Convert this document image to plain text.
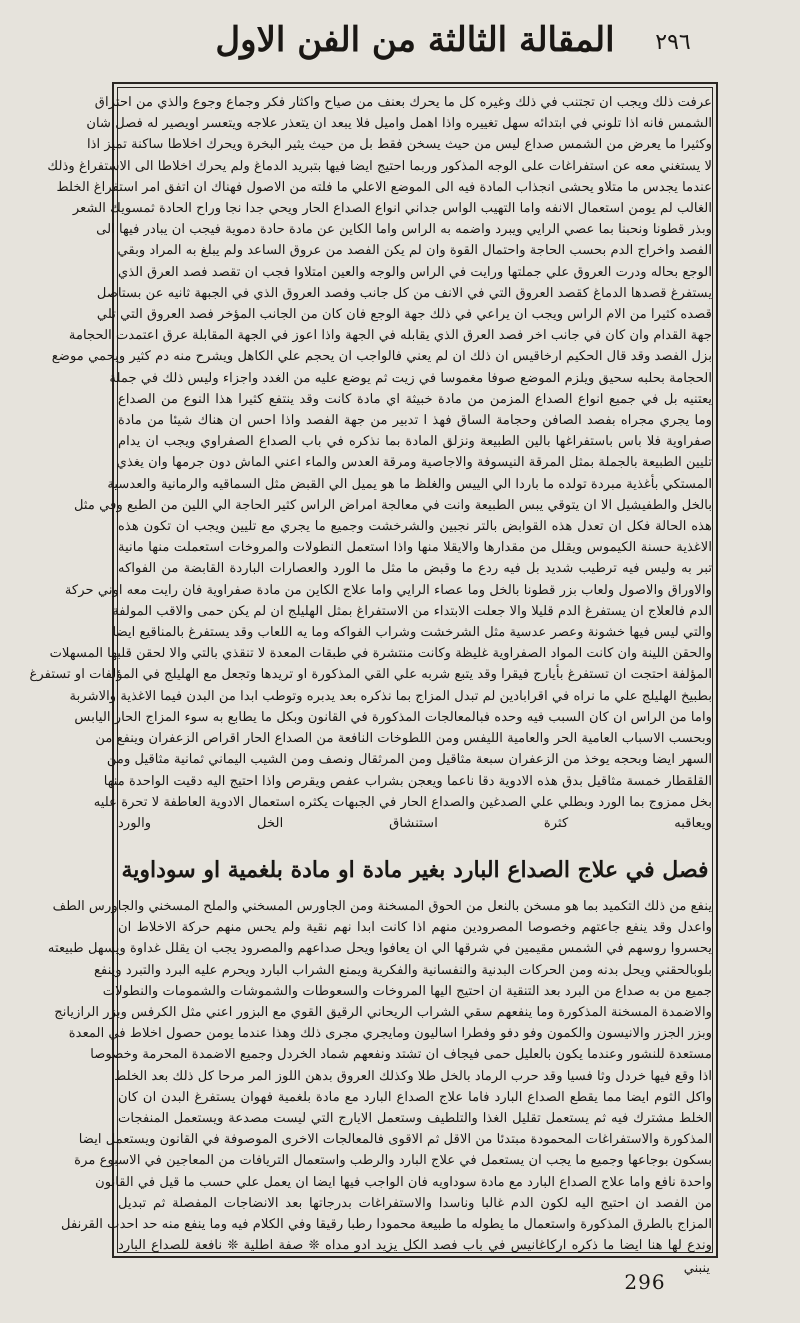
المقالة الثالثة من الفن الاول	٢٩٦
عرفت ذلك ويجب ان تجتنب في ذلك وغيره كل ما يحرك بعنف من صياح واكثار فكر وجماع وجوع والذي من احتراق
الشمس فانه اذا تلوني في ابتدائه سهل تغييره واذا اهمل واميل فلا يبعد ان يتعذر علاجه ويتعسر اويصير له فصل شان
وكثيرا ما يعرض من الشمس صداع ليس من حيث يسخن فقط بل من حيث يثير البخرة ويحرك اخلاطا ساكنة تميز اذا
لا يستغني معه عن استفراغات على الوجه المذكور وربما احتيج ايضا فيها بتبريد الدماغ ولم يحرك اخلاطا الى الاستفراغ وذلك
عندما يجدس ما متلاو يحشى انجذاب المادة فيه الى الموضع الاعلي ما فلته من الاصول فهناك ان اتفق امر استفراغ الخلط
الغالب لم يومن استعمال الانفه واما التهيب الواس جداني انواع الصداع الحار ويحي جدا نجا وراح الحادة ثمسويك الشعر
وبذر قطونا ونحبنا بما عصي الرايي ويبرد واضمه به الراس واما الكاين عن مادة حادة دموية فيجب ان يبادر فيها الى
الفصد واخراج الدم بحسب الحاجة واحتمال القوة وان لم يكن الفصد من عروق الساعد ولم يبلغ به المراد وبقي
الوجع بحاله ودرت العروق علي جملتها ورايت في الراس والوجه والعين امتلاوا فجب ان تقصد فصد العرق الذي
يستفرغ قصدها الدماغ كقصد العروق التي في الانف من كل جانب وفصد العروق الذي في الجبهة ثانيه عن بستاصل
قصده كثيرا من الام الراس ويجب ان يراعي في ذلك جهة الوجع فان كان من الجانب المؤخر فصد العروق التي تلي
جهة القدام وان كان في جانب اخر فصد العرق الذي يقابله في الجهة واذا اعوز في الجهة المقابلة عرق اعتمدت الحجامة
بزل الفصد وقد قال الحكيم ارخاقيس ان ذلك ان لم يعني فالواجب ان يحجم علي الكاهل ويشرح منه دم كثير ويحمي موضع
الحجامة بحلبه سحيق ويلزم الموضع صوفا مغموسا في زيت ثم يوضع عليه من الغدد واجزاء وليس ذلك في جملة
يعتنيه بل في جميع انواع الصداع المزمن من مادة خبيثة اي مادة كانت وقد ينتفع كثيرا هذا النوع من الصداع
وما يجري مجراه بفصد الصافن وحجامة الساق فهذ ا تدبير من جهة الفصد واذا احس ان هناك شيئا من مادة
صفراوية فلا باس باستفراغها بالين الطبيعة ونزلق المادة بما نذكره في باب الصداع الصفراوي ويجب ان يدام
تليين الطبيعة بالجملة بمثل المرقة النيسوفة والاجاصية ومرقة العدس والماء اعني الماش دون جرمها وان يغذي
المستكي بأغذية مبردة تولده ما باردا الي الييس والغلظ ما هو يميل الي القبض مثل السماقيه والرمانية والعدسية
بالخل والطفيشيل الا ان يتوقي يبس الطبيعة وانت في معالجة امراض الراس كثير الحاجة الي اللين من الطبع وفي مثل
هذه الحالة فكل ان تعدل هذه القوابض بالتر نجبين والشرخشت وجميع ما يجري مع تليين ويجب ان تكون هذه
الاغذية حسنة الكيموس ويقلل من مقدارها والايقلا منها واذا استعمل النطولات والمروخات استعملت منها مانية
تبر به وليس فيه ترطيب شديد بل فيه ردع ما وقبض ما مثل ما الورد والعصارات الباردة القابضة من الفواكه
والاوراق والاصول ولعاب بزر قطونا بالخل وما عصاء الرايي واما علاج الكاين من مادة صفراوية فان رايت معه اوني حركة
الدم فالعلاج ان يستفرغ الدم قليلا والا جعلت الابتداء من الاستفراغ بمثل الهليلج ان لم يكن حمى والاقب المولفة
والتي ليس فيها خشونة وعصر عدسية مثل الشرخشت وشراب الفواكه وما يه اللعاب وقد يستفرغ بالمناقيع ايضا
والحقن اللينة وان كانت المواد الصفراوية غليظة وكانت منتشرة في طبقات المعدة لا تنقذي بالتي والا لحقن قلبها المسهلات
المؤلفة احتجت ان تستفرغ بأيارج فيقرا وقد يتبع شربه علي القي المذكورة او تريدها وتجعل مع الهليلج في المؤلفات او تستفرغ
بطبيخ الهليلج علي ما نراه في اقرابادين لم تبدل المزاج بما نذكره بعد يدبره وتوطب ابدا من البدن فيما الاغذية والاشربة
واما من الراس ان كان السبب فيه وحده فبالمعالجات المذكورة في القانون وبكل ما يطابع به سوء المزاج الحار اليابس
وبحسب الاسباب العامية الحر والعامية الليفس ومن اللطوخات النافعة من الصداع الحار اقراص الزعفران وينفع من
السهر ايضا وبحجه يوخذ من الزعفران سبعة مثاقيل ومن المرثقال ونصف ومن الشيب اليماني ثمانية مثاقيل ومن
القلقطار خمسة مثاقيل بدق هذه الادوية دقا ناعما ويعجن بشراب عفص ويقرص واذا احتيج اليه دقيت الواحدة منها
بخل ممزوج بما الورد وبطلي علي الصدغين والصداع الحار في الجبهات يكثره استعمال الادوية العاطفة لا تحرة عليه
ويعاقبه كثرة استنشاق الخل والورد
فصل في علاج الصداع البارد بغير مادة او مادة بلغمية او سوداوية
ينفع من ذلك التكميد بما هو مسخن بالنعل من الحوق المسخنة ومن الجاورس المسخني والملح المسخني والجاورس الطف
واعدل وقد ينفع جاعتهم وخصوصا المصرودين منهم اذا كانت ابدا نهم نقية ولم يحس منهم حركة الاخلاط ان
يحسروا روسهم في الشمس مقيمين في شرقها الي ان يعافوا ويحل صداعهم والمصرود يجب ان يقلل غداوة ويسهل طبيعته
بلوبالحقني ويحل بدنه ومن الحركات البدنية والنفسانية والفكرية ويمنع الشراب البارد ويحرم عليه البرد والتبرد وينفع
جميع من به صداع من البرد بعد التنقية ان احتيج اليها المروخات والسعوطات والشموشات والشمومات والنطولات
والاضمدة المسخنة المذكورة وما ينفعهم سقي الشراب الريحاني الرقيق القوي مع البزور اعني مثل الكرفس وبزر الرازيانج
وبزر الجزر والانيسون والكمون وفو دفو وفطرا اساليون ومايجري مجرى ذلك وهذا عندما يومن حصول اخلاط في المعدة
مستعدة للنشور وعندما يكون بالعليل حمى فيجاف ان تشتد ونفعهم شماد الخردل وجميع الاضمدة المحرمة وخصوصا
اذا وقع فيها خردل وثا فسيا وقد حرب الرماد بالخل طلا وكذلك العروق بدهن اللوز المر مرحا كل ذلك بعد الخلط
واكل الثوم ايضا مما يقطع الصداع البارد فاما علاج الصداع البارد مع مادة بلغمية فهوان يستفرغ البدن ان كان
الخلط مشترك فيه ثم يستعمل تقليل الغذا والتلطيف وستعمل الايارج التي ليست مصدعة ويستعمل المنفجات
المذكورة والاستفراغات المحمودة مبتدئا من الاقل ثم الاقوى فالمعالجات الاخرى الموصوفة في القانون ويستعمل ايضا
بسكون بوجاعها وجميع ما يجب ان يستعمل في علاج البارد والرطب واستعمال التريافات من المعاجين في الاسبوع مرة
واحدة نافع واما علاج الصداع البارد مع مادة سوداويه فان الواجب فيها ايضا ان يعمل علي حسب ما قيل في القانون
من الفصد ان احتيج اليه لكون الدم غالبا وناسدا والاستفراغات بدرجاتها بعد الانضاجات المفصلة ثم تبديل
المزاج بالطرق المذكورة واستعمال ما يطوله ما طبيعة محمودا رطبا رقيقا وفي الكلام فيه وما ينفع منه حد احدب القرنفل
وندع لها هنا ايضا ما ذكره اركاغانيس في باب فصد الكل يزيد ادو مداه ❊ صفة اطلية ❊ نافعة للصداع البارد
ينبني
296
